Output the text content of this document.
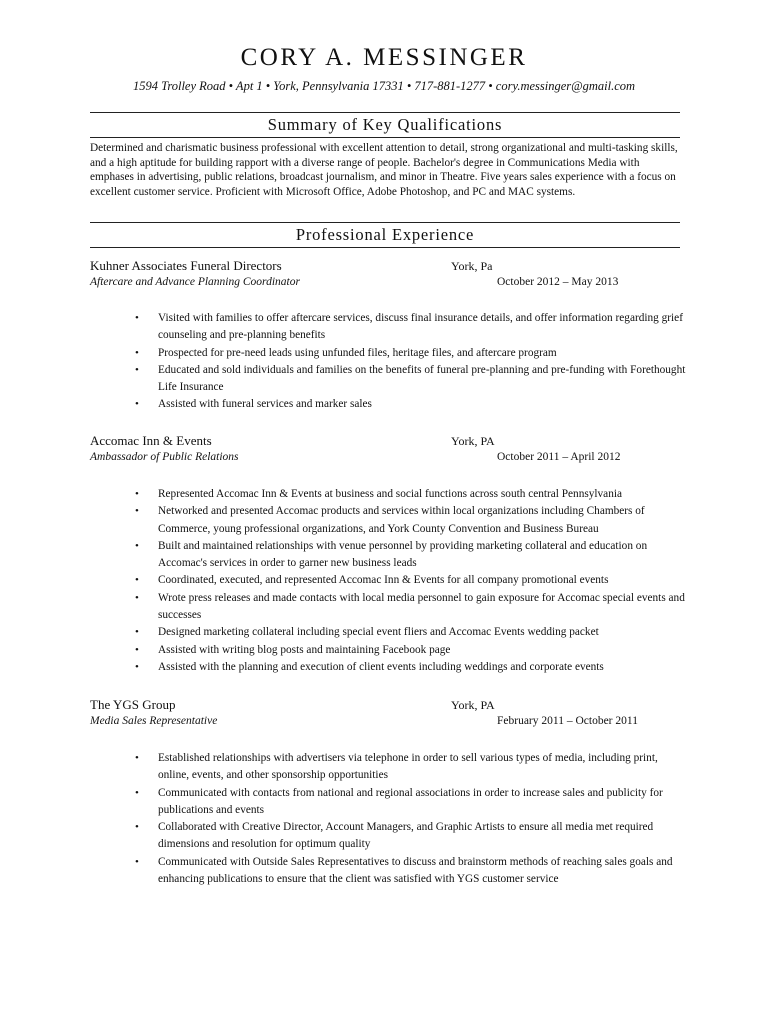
CORY A. MESSINGER

1594 Trolley Road • Apt 1 • York, Pennsylvania 17331 • 717-881-1277 • cory.messinger@gmail.com

Summary of Key Qualifications

Determined and charismatic business professional with excellent attention to detail, strong organizational and multi-tasking skills, and a high aptitude for building rapport with a diverse range of people. Bachelor's degree in Communications Media with emphases in advertising, public relations, broadcast journalism, and minor in Theatre. Five years sales experience with a focus on excellent customer service. Proficient with Microsoft Office, Adobe Photoshop, and PC and MAC systems.

Professional Experience
Kuhner Associates Funeral Directors	York, Pa
Aftercare and Advance Planning Coordinator	October 2012 – May 2013
• Visited with families to offer aftercare services, discuss final insurance details, and offer information regarding grief counseling and pre-planning benefits
• Prospected for pre-need leads using unfunded files, heritage files, and aftercare program
• Educated and sold individuals and families on the benefits of funeral pre-planning and pre-funding with Forethought Life Insurance
• Assisted with funeral services and marker sales
Accomac Inn & Events	York, PA
Ambassador of Public Relations	October 2011 – April 2012
• Represented Accomac Inn & Events at business and social functions across south central Pennsylvania
• Networked and presented Accomac products and services within local organizations including Chambers of Commerce, young professional organizations, and York County Convention and Business Bureau
• Built and maintained relationships with venue personnel by providing marketing collateral and education on Accomac's services in order to garner new business leads
• Coordinated, executed, and represented Accomac Inn & Events for all company promotional events
• Wrote press releases and made contacts with local media personnel to gain exposure for Accomac special events and successes
• Designed marketing collateral including special event fliers and Accomac Events wedding packet
• Assisted with writing blog posts and maintaining Facebook page
• Assisted with the planning and execution of client events including weddings and corporate events
The YGS Group	York, PA
Media Sales Representative	February 2011 – October 2011
• Established relationships with advertisers via telephone in order to sell various types of media, including print, online, events, and other sponsorship opportunities
• Communicated with contacts from national and regional associations in order to increase sales and publicity for publications and events
• Collaborated with Creative Director, Account Managers, and Graphic Artists to ensure all media met required dimensions and resolution for optimum quality
• Communicated with Outside Sales Representatives to discuss and brainstorm methods of reaching sales goals and enhancing publications to ensure that the client was satisfied with YGS customer service
